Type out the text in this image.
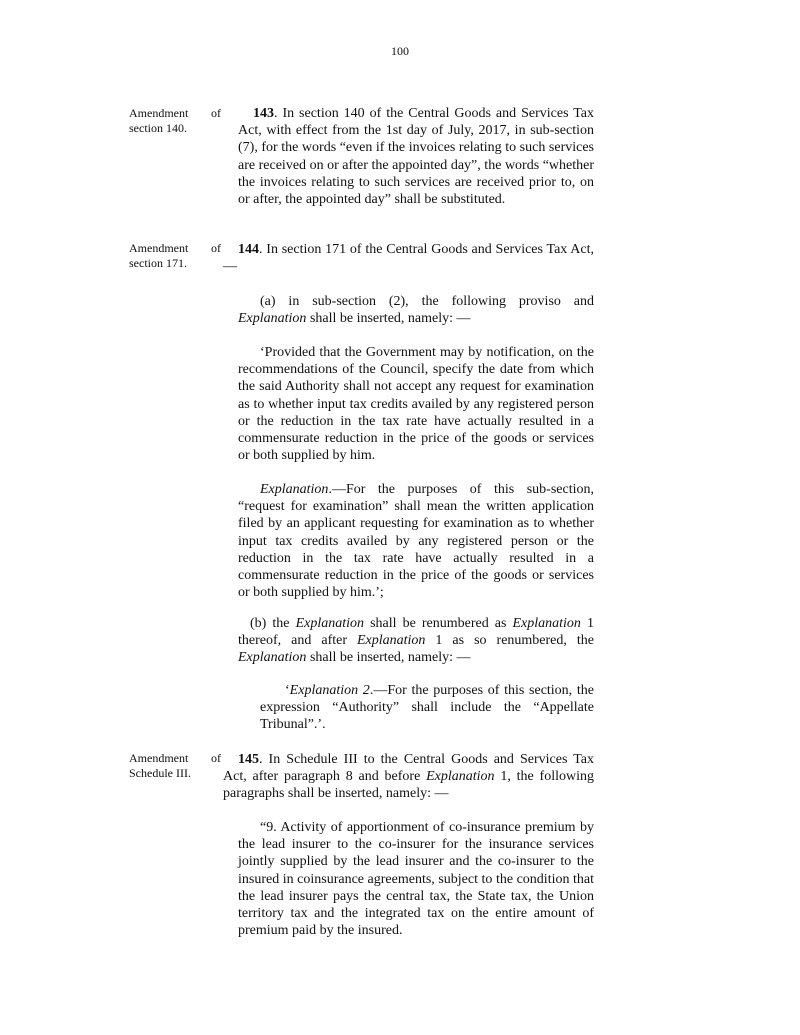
100
Amendment of
section 140.
143. In section 140 of the Central Goods and Services Tax Act, with effect from the 1st day of July, 2017, in sub-section (7), for the words “even if the invoices relating to such services are received on or after the appointed day”, the words “whether the invoices relating to such services are received prior to, on or after, the appointed day” shall be substituted.
Amendment of
section 171.
144. In section 171 of the Central Goods and Services Tax Act,—
(a) in sub-section (2), the following proviso and Explanation shall be inserted, namely: —
‘Provided that the Government may by notification, on the recommendations of the Council, specify the date from which the said Authority shall not accept any request for examination as to whether input tax credits availed by any registered person or the reduction in the tax rate have actually resulted in a commensurate reduction in the price of the goods or services or both supplied by him.
Explanation.—For the purposes of this sub-section, “request for examination” shall mean the written application filed by an applicant requesting for examination as to whether input tax credits availed by any registered person or the reduction in the tax rate have actually resulted in a commensurate reduction in the price of the goods or services or both supplied by him.’;
(b) the Explanation shall be renumbered as Explanation 1 thereof, and after Explanation 1 as so renumbered, the Explanation shall be inserted, namely: —
‘Explanation 2.—For the purposes of this section, the expression “Authority” shall include the “Appellate Tribunal”.’.
Amendment of
Schedule III.
145. In Schedule III to the Central Goods and Services Tax Act, after paragraph 8 and before Explanation 1, the following paragraphs shall be inserted, namely: —
“9. Activity of apportionment of co-insurance premium by the lead insurer to the co-insurer for the insurance services jointly supplied by the lead insurer and the co-insurer to the insured in coinsurance agreements, subject to the condition that the lead insurer pays the central tax, the State tax, the Union territory tax and the integrated tax on the entire amount of premium paid by the insured.
